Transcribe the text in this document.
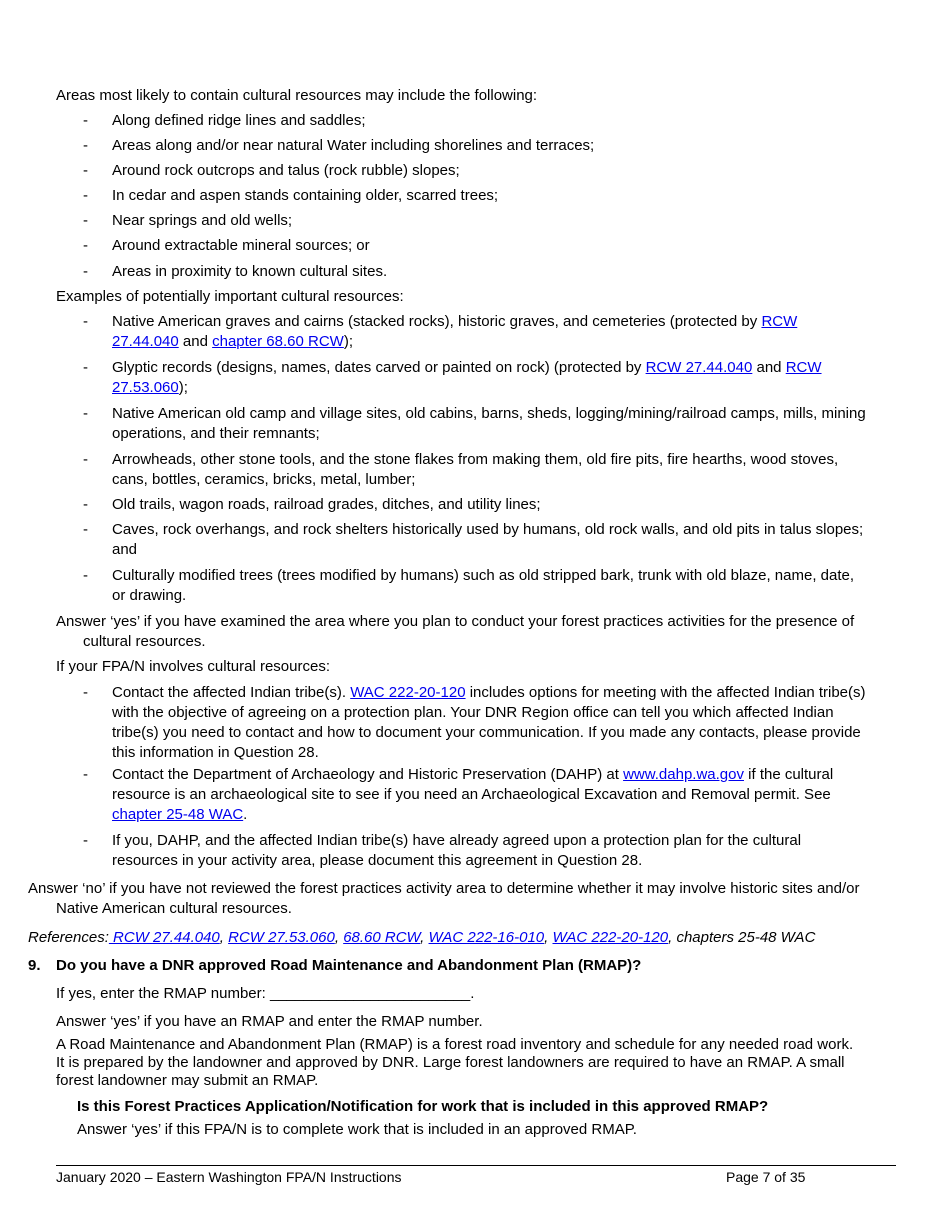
Areas most likely to contain cultural resources may include the following:
- Along defined ridge lines and saddles;
- Areas along and/or near natural Water including shorelines and terraces;
- Around rock outcrops and talus (rock rubble) slopes;
- In cedar and aspen stands containing older, scarred trees;
- Near springs and old wells;
- Around extractable mineral sources; or
- Areas in proximity to known cultural sites.
Examples of potentially important cultural resources:
- Native American graves and cairns (stacked rocks), historic graves, and cemeteries (protected by RCW
27.44.040 and chapter 68.60 RCW);
- Glyptic records (designs, names, dates carved or painted on rock) (protected by RCW 27.44.040 and RCW
27.53.060);
- Native American old camp and village sites, old cabins, barns, sheds, logging/mining/railroad camps, mills, mining
operations, and their remnants;
- Arrowheads, other stone tools, and the stone flakes from making them, old fire pits, fire hearths, wood stoves,
cans, bottles, ceramics, bricks, metal, lumber;
- Old trails, wagon roads, railroad grades, ditches, and utility lines;
- Caves, rock overhangs, and rock shelters historically used by humans, old rock walls, and old pits in talus slopes;
and
- Culturally modified trees (trees modified by humans) such as old stripped bark, trunk with old blaze, name, date,
or drawing.
Answer ‘yes’ if you have examined the area where you plan to conduct your forest practices activities for the presence of
cultural resources.
If your FPA/N involves cultural resources:
- Contact the affected Indian tribe(s). WAC 222-20-120 includes options for meeting with the affected Indian tribe(s)
with the objective of agreeing on a protection plan. Your DNR Region office can tell you which affected Indian
tribe(s) you need to contact and how to document your communication. If you made any contacts, please provide
this information in Question 28.
- Contact the Department of Archaeology and Historic Preservation (DAHP) at www.dahp.wa.gov if the cultural
resource is an archaeological site to see if you need an Archaeological Excavation and Removal permit. See
chapter 25-48 WAC.
- If you, DAHP, and the affected Indian tribe(s) have already agreed upon a protection plan for the cultural
resources in your activity area, please document this agreement in Question 28.
Answer ‘no’ if you have not reviewed the forest practices activity area to determine whether it may involve historic sites and/or
Native American cultural resources.
References: RCW 27.44.040, RCW 27.53.060, 68.60 RCW, WAC 222-16-010, WAC 222-20-120, chapters 25-48 WAC
9. Do you have a DNR approved Road Maintenance and Abandonment Plan (RMAP)?
If yes, enter the RMAP number: ________________________.
Answer ‘yes’ if you have an RMAP and enter the RMAP number.
A Road Maintenance and Abandonment Plan (RMAP) is a forest road inventory and schedule for any needed road work.
It is prepared by the landowner and approved by DNR. Large forest landowners are required to have an RMAP. A small
forest landowner may submit an RMAP.
Is this Forest Practices Application/Notification for work that is included in this approved RMAP?
Answer ‘yes’ if this FPA/N is to complete work that is included in an approved RMAP.
January 2020 – Eastern Washington FPA/N Instructions	Page 7 of 35
